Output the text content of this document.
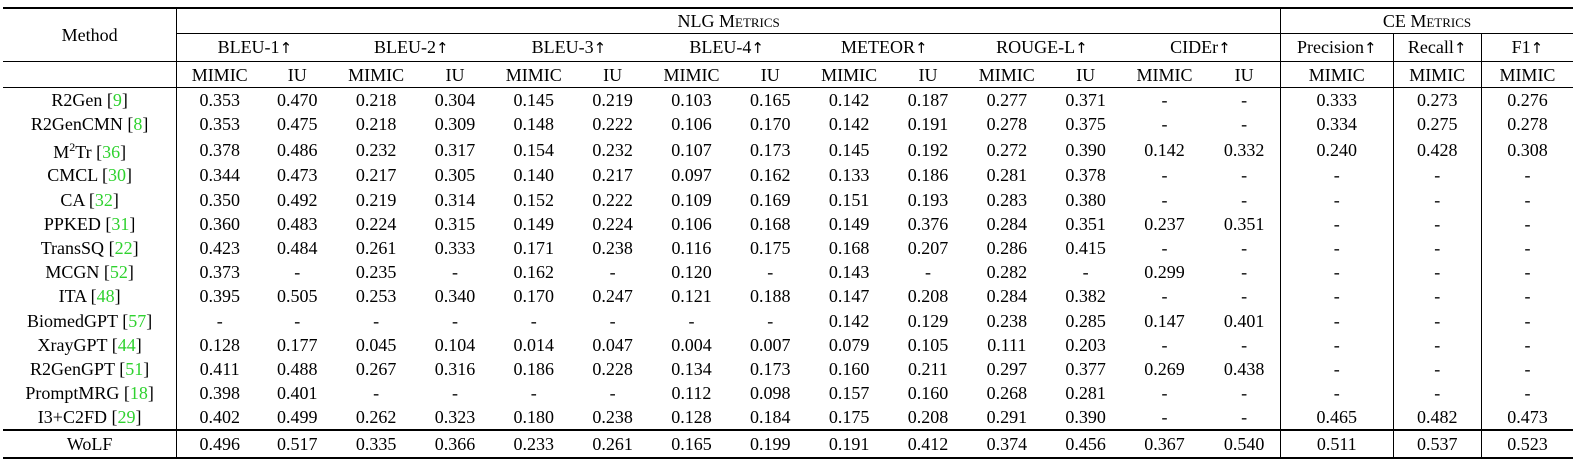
Method	NLG Metrics														CE Metrics		
	BLEU-1↑		BLEU-2↑		BLEU-3↑		BLEU-4↑		METEOR↑		ROUGE-L↑		CIDEr↑		Precision↑	Recall↑	F1↑
	MIMIC	IU	MIMIC	IU	MIMIC	IU	MIMIC	IU	MIMIC	IU	MIMIC	IU	MIMIC	IU	MIMIC	MIMIC	MIMIC
R2Gen [9]	0.353	0.470	0.218	0.304	0.145	0.219	0.103	0.165	0.142	0.187	0.277	0.371	-	-	0.333	0.273	0.276
R2GenCMN [8]	0.353	0.475	0.218	0.309	0.148	0.222	0.106	0.170	0.142	0.191	0.278	0.375	-	-	0.334	0.275	0.278
$M^2Tr$ [36]	0.378	0.486	0.232	0.317	0.154	0.232	0.107	0.173	0.145	0.192	0.272	0.390	0.142	0.332	0.240	0.428	0.308
CMCL [30]	0.344	0.473	0.217	0.305	0.140	0.217	0.097	0.162	0.133	0.186	0.281	0.378	-	-	-	-	-
CA [32]	0.350	0.492	0.219	0.314	0.152	0.222	0.109	0.169	0.151	0.193	0.283	0.380	-	-	-	-	-
PPKED [31]	0.360	0.483	0.224	0.315	0.149	0.224	0.106	0.168	0.149	0.376	0.284	0.351	0.237	0.351	-	-	-
TransSQ [22]	0.423	0.484	0.261	0.333	0.171	0.238	0.116	0.175	0.168	0.207	0.286	0.415	-	-	-	-	-
MCGN [52]	0.373	-	0.235	-	0.162	-	0.120	-	0.143	-	0.282	-	0.299	-	-	-	-
ITA [48]	0.395	0.505	0.253	0.340	0.170	0.247	0.121	0.188	0.147	0.208	0.284	0.382	-	-	-	-	-
BiomedGPT [57]	-	-	-	-	-	-	-	-	0.142	0.129	0.238	0.285	0.147	0.401	-	-	-
XrayGPT [44]	0.128	0.177	0.045	0.104	0.014	0.047	0.004	0.007	0.079	0.105	0.111	0.203	-	-	-	-	-
R2GenGPT [51]	0.411	0.488	0.267	0.316	0.186	0.228	0.134	0.173	0.160	0.211	0.297	0.377	0.269	0.438	-	-	-
PromptMRG [18]	0.398	0.401	-	-	-	-	0.112	0.098	0.157	0.160	0.268	0.281	-	-	-	-	-
I3+C2FD [29]	0.402	0.499	0.262	0.323	0.180	0.238	0.128	0.184	0.175	0.208	0.291	0.390	-	-	0.465	0.482	0.473
WoLF	0.496	0.517	0.335	0.366	0.233	0.261	0.165	0.199	0.191	0.412	0.374	0.456	0.367	0.540	0.511	0.537	0.523
